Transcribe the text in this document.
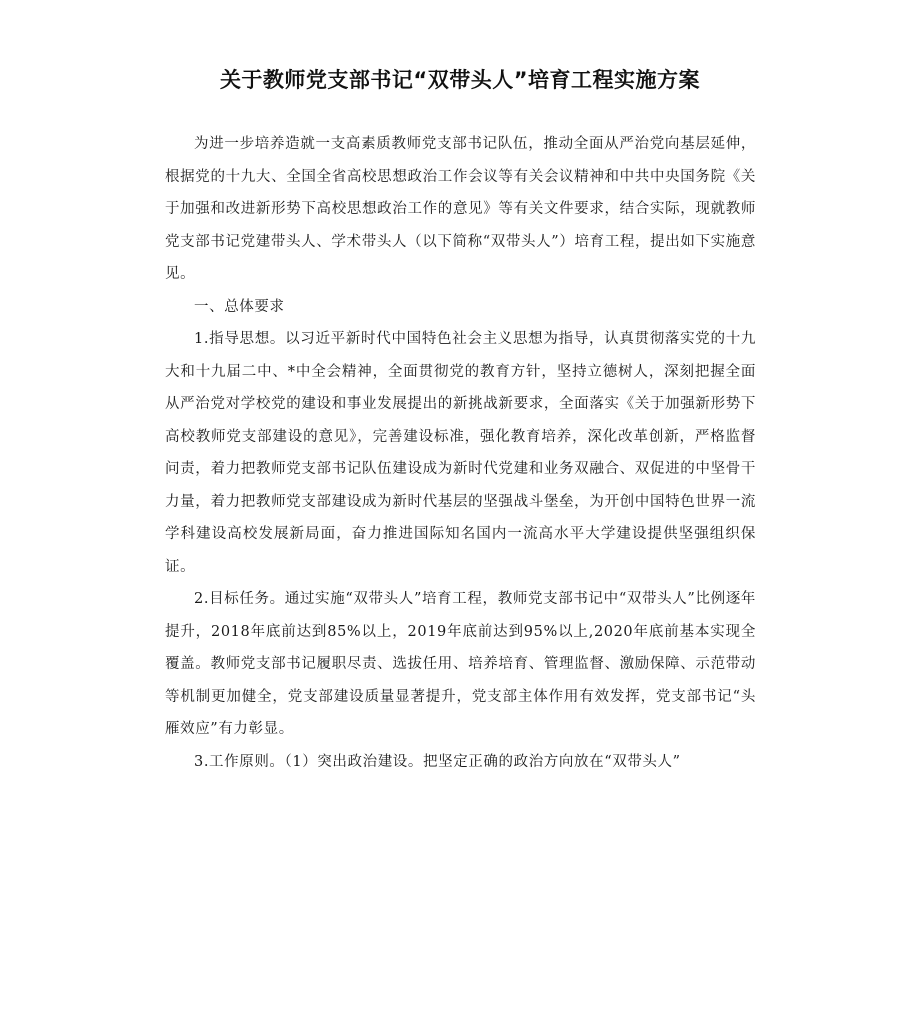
关于教师党支部书记“双带头人”培育工程实施方案

为进一步培养造就一支高素质教师党支部书记队伍，推动全面从严治党向基层延伸，根据党的十九大、全国全省高校思想政治工作会议等有关会议精神和中共中央国务院《关于加强和改进新形势下高校思想政治工作的意见》等有关文件要求，结合实际，现就教师党支部书记党建带头人、学术带头人（以下简称“双带头人”）培育工程，提出如下实施意见。

一、总体要求

1.指导思想。以习近平新时代中国特色社会主义思想为指导，认真贯彻落实党的十九大和十九届二中、*中全会精神，全面贯彻党的教育方针，坚持立德树人，深刻把握全面从严治党对学校党的建设和事业发展提出的新挑战新要求，全面落实《关于加强新形势下高校教师党支部建设的意见》，完善建设标准，强化教育培养，深化改革创新，严格监督问责，着力把教师党支部书记队伍建设成为新时代党建和业务双融合、双促进的中坚骨干力量，着力把教师党支部建设成为新时代基层的坚强战斗堡垒，为开创中国特色世界一流学科建设高校发展新局面，奋力推进国际知名国内一流高水平大学建设提供坚强组织保证。

2.目标任务。通过实施“双带头人”培育工程，教师党支部书记中“双带头人”比例逐年提升，2018年底前达到85%以上，2019年底前达到95%以上,2020年底前基本实现全覆盖。教师党支部书记履职尽责、选拔任用、培养培育、管理监督、激励保障、示范带动等机制更加健全，党支部建设质量显著提升，党支部主体作用有效发挥，党支部书记“头雁效应”有力彰显。

3.工作原则。（1）突出政治建设。把坚定正确的政治方向放在“双带头人”
